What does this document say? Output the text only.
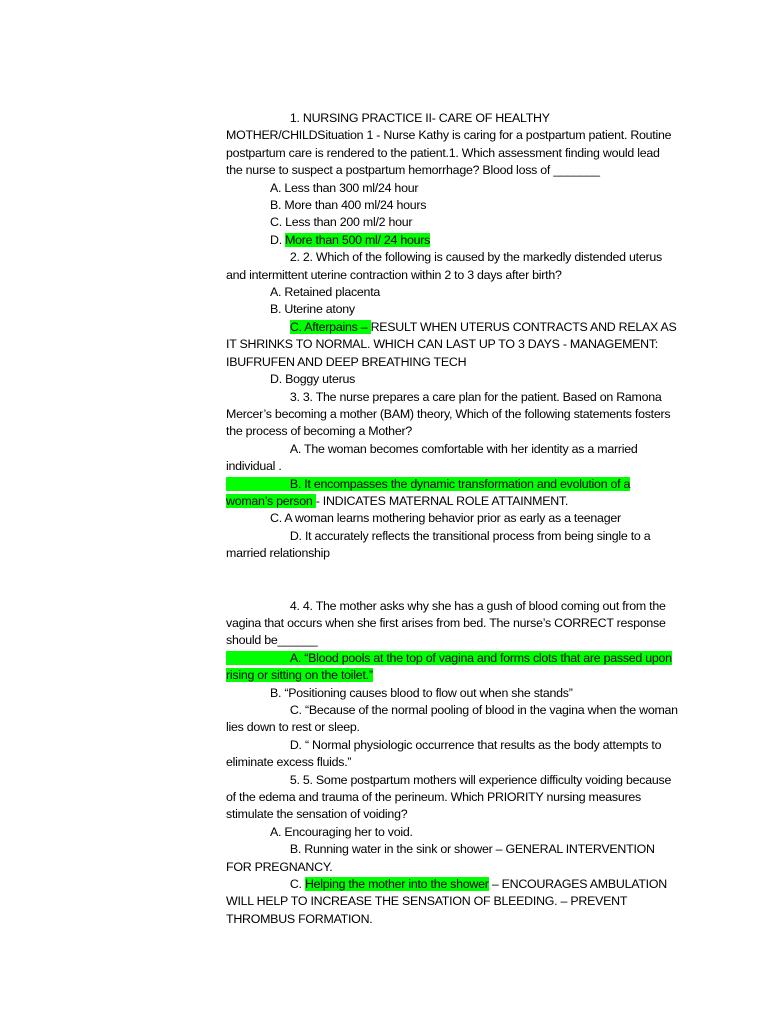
1. NURSING PRACTICE II- CARE OF HEALTHY MOTHER/CHILDSituation 1 - Nurse Kathy is caring for a postpartum patient. Routine postpartum care is rendered to the patient.1. Which assessment finding would lead the nurse to suspect a postpartum hemorrhage? Blood loss of _______

A. Less than 300 ml/24 hour

B. More than 400 ml/24 hours

C. Less than 200 ml/2 hour

D. More than 500 ml/ 24 hours

2. 2. Which of the following is caused by the markedly distended uterus and intermittent uterine contraction within 2 to 3 days after birth?

A. Retained placenta

B. Uterine atony

C. Afterpains – RESULT WHEN UTERUS CONTRACTS AND RELAX AS IT SHRINKS TO NORMAL. WHICH CAN LAST UP TO 3 DAYS - MANAGEMENT: IBUFRUFEN AND DEEP BREATHING TECH

D. Boggy uterus

3. 3. The nurse prepares a care plan for the patient. Based on Ramona Mercer’s becoming a mother (BAM) theory, Which of the following statements fosters the process of becoming a Mother?

A. The woman becomes comfortable with her identity as a married individual .

B. It encompasses the dynamic transformation and evolution of a woman’s person - INDICATES MATERNAL ROLE ATTAINMENT.

C. A woman learns mothering behavior prior as early as a teenager

D. It accurately reflects the transitional process from being single to a married relationship

4. 4. The mother asks why she has a gush of blood coming out from the vagina that occurs when she first arises from bed. The nurse’s CORRECT response should be______

A. “Blood pools at the top of vagina and forms clots that are passed upon rising or sitting on the toilet.”

B. “Positioning causes blood to flow out when she stands”

C. “Because of the normal pooling of blood in the vagina when the woman lies down to rest or sleep.

D. “ Normal physiologic occurrence that results as the body attempts to eliminate excess fluids.”

5. 5. Some postpartum mothers will experience difficulty voiding because of the edema and trauma of the perineum. Which PRIORITY nursing measures stimulate the sensation of voiding?

A. Encouraging her to void.

B. Running water in the sink or shower – GENERAL INTERVENTION FOR PREGNANCY.

C. Helping the mother into the shower – ENCOURAGES AMBULATION WILL HELP TO INCREASE THE SENSATION OF BLEEDING. – PREVENT THROMBUS FORMATION.
